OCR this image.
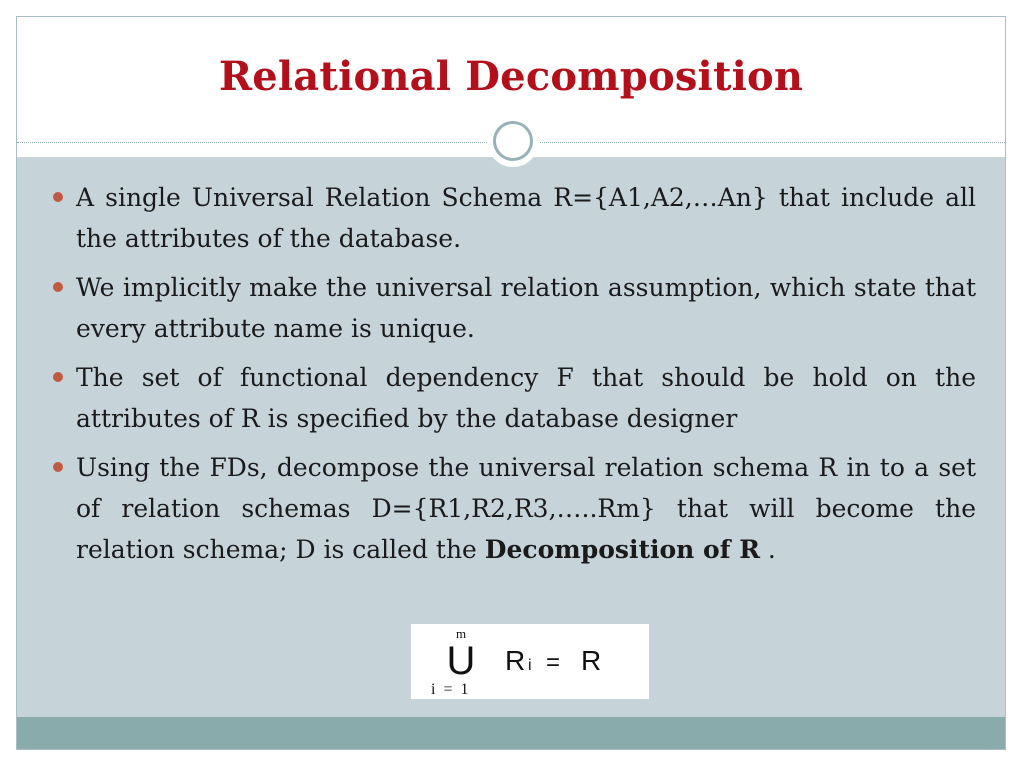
Relational Decomposition
A single Universal Relation Schema R={A1,A2,…An} that include all the attributes of the database.
We implicitly make the universal relation assumption, which state that every attribute name is unique.
The set of functional dependency F that should be hold on the attributes of R is specified by the database designer
Using the FDs, decompose the universal relation schema R in to a set of relation schemas D={R1,R2,R3,…..Rm} that will become the relation schema; D is called the Decomposition of R .
m
U R i = R
i  =  1
